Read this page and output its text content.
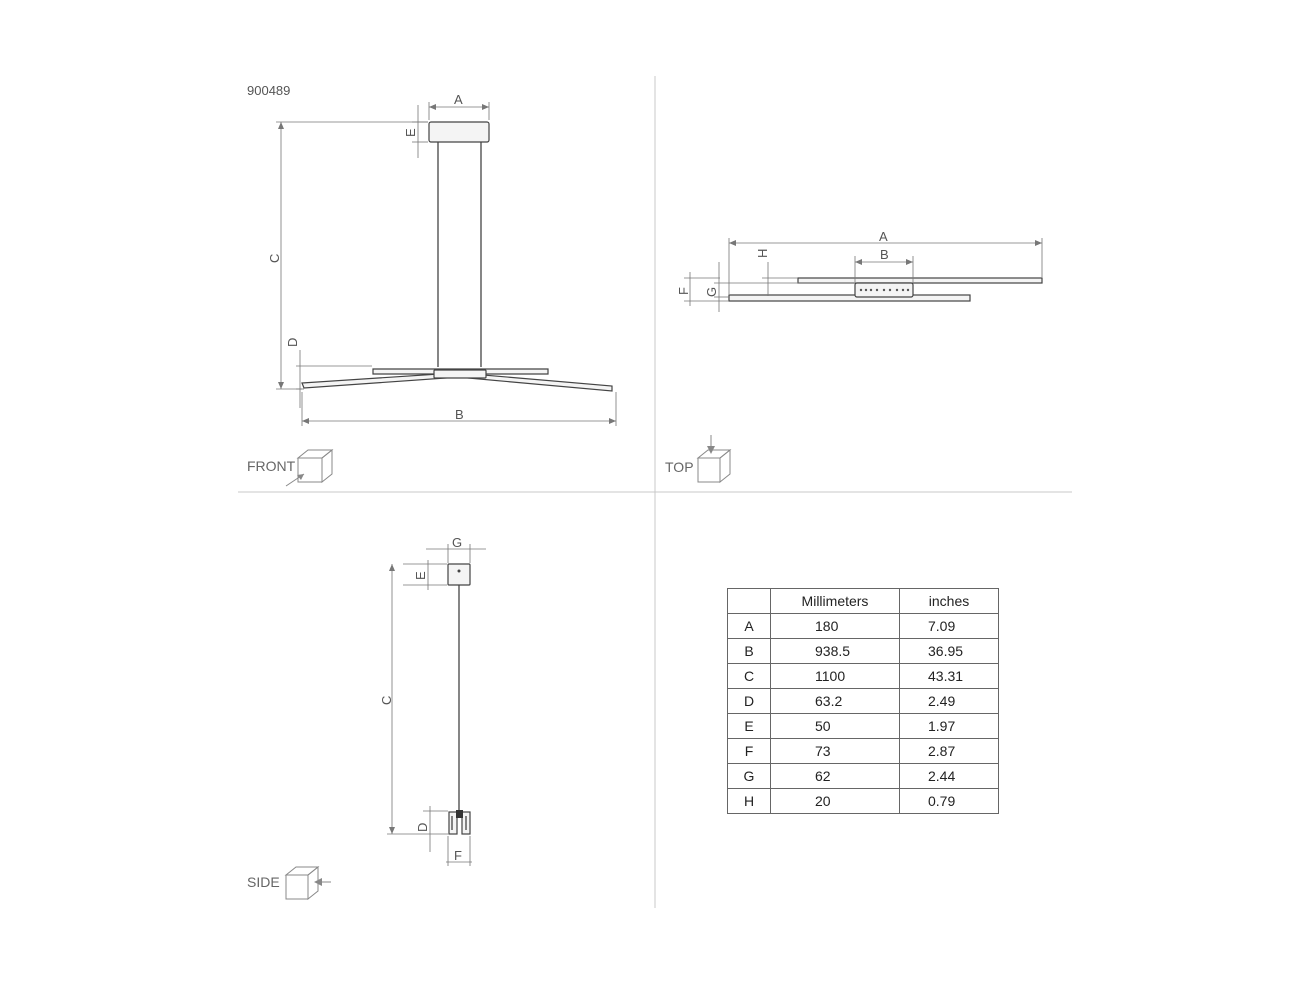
900489
A
E
C
D
B
FRONT
A
B
H
G
F
TOP
G
E
C
D
F
SIDE
	Millimeters	inches
A	180	7.09
B	938.5	36.95
C	1100	43.31
D	63.2	2.49
E	50	1.97
F	73	2.87
G	62	2.44
H	20	0.79
